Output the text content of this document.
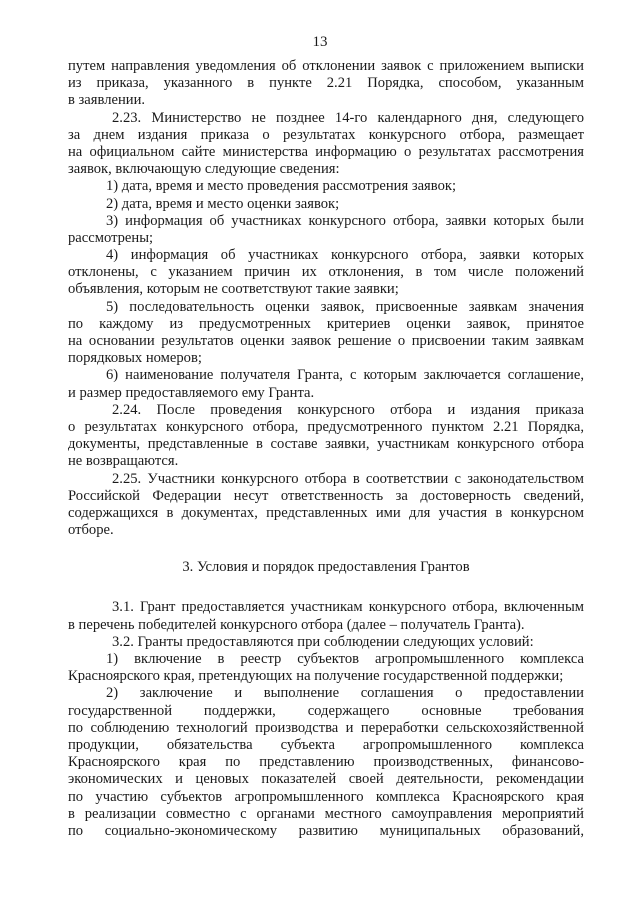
13
путем направления уведомления об отклонении заявок с приложением выписки
из приказа, указанного в пункте 2.21 Порядка, способом, указанным
в заявлении.
2.23. Министерство не позднее 14-го календарного дня, следующего
за днем издания приказа о результатах конкурсного отбора, размещает
на официальном сайте министерства информацию о результатах рассмотрения
заявок, включающую следующие сведения:
1) дата, время и место проведения рассмотрения заявок;
2) дата, время и место оценки заявок;
3) информация об участниках конкурсного отбора, заявки которых были
рассмотрены;
4) информация об участниках конкурсного отбора, заявки которых
отклонены, с указанием причин их отклонения, в том числе положений
объявления, которым не соответствуют такие заявки;
5) последовательность оценки заявок, присвоенные заявкам значения
по каждому из предусмотренных критериев оценки заявок, принятое
на основании результатов оценки заявок решение о присвоении таким заявкам
порядковых номеров;
6) наименование получателя Гранта, с которым заключается соглашение,
и размер предоставляемого ему Гранта.
2.24. После проведения конкурсного отбора и издания приказа
о результатах конкурсного отбора, предусмотренного пунктом 2.21 Порядка,
документы, представленные в составе заявки, участникам конкурсного отбора
не возвращаются.
2.25. Участники конкурсного отбора в соответствии с законодательством
Российской Федерации несут ответственность за достоверность сведений,
содержащихся в документах, представленных ими для участия в конкурсном
отборе.
3. Условия и порядок предоставления Грантов
3.1. Грант предоставляется участникам конкурсного отбора, включенным
в перечень победителей конкурсного отбора (далее – получатель Гранта).
3.2. Гранты предоставляются при соблюдении следующих условий:
1) включение в реестр субъектов агропромышленного комплекса
Красноярского края, претендующих на получение государственной поддержки;
2) заключение и выполнение соглашения о предоставлении
государственной поддержки, содержащего основные требования
по соблюдению технологий производства и переработки сельскохозяйственной
продукции, обязательства субъекта агропромышленного комплекса
Красноярского края по представлению производственных, финансово-
экономических и ценовых показателей своей деятельности, рекомендации
по участию субъектов агропромышленного комплекса Красноярского края
в реализации совместно с органами местного самоуправления мероприятий
по социально-экономическому развитию муниципальных образований,
